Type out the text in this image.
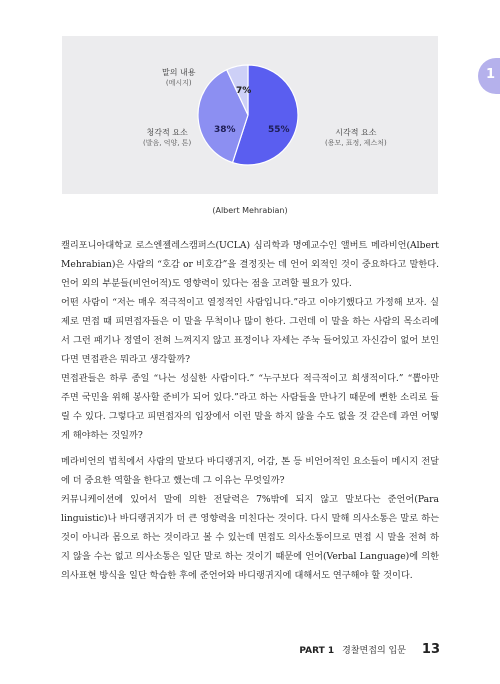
7%
38%	55%
말의 내용
(메시지)
청각적 요소
(발음, 억양, 톤)
시각적 요소
(용모, 표정, 제스처)
(Albert Mehrabian)
1

캘리포니아대학교 로스엔젤레스캠퍼스(UCLA) 심리학과 명예교수인 앨버트 메라비언(Albert Mehrabian)은 사람의 “호감 or 비호감”을 결정짓는 데 언어 외적인 것이 중요하다고 말한다. 언어 외의 부분들(비언어적)도 영향력이 있다는 점을 고려할 필요가 있다.

어떤 사람이 “저는 매우 적극적이고 열정적인 사람입니다.”라고 이야기했다고 가정해 보자. 실제로 면접 때 피면접자들은 이 말을 무척이나 많이 한다. 그런데 이 말을 하는 사람의 목소리에서 그런 패기나 정열이 전혀 느껴지지 않고 표정이나 자세는 주눅 들어있고 자신감이 없어 보인다면 면접관은 뭐라고 생각할까?

면접관들은 하루 종일 “나는 성실한 사람이다.” “누구보다 적극적이고 희생적이다.” “뽑아만 주면 국민을 위해 봉사할 준비가 되어 있다.”라고 하는 사람들을 만나기 때문에 뻔한 소리로 들릴 수 있다. 그렇다고 피면접자의 입장에서 이런 말을 하지 않을 수도 없을 것 같은데 과연 어떻게 해야하는 것일까?

메라비언의 법칙에서 사람의 말보다 바디랭귀지, 어감, 톤 등 비언어적인 요소들이 메시지 전달에 더 중요한 역할을 한다고 했는데 그 이유는 무엇일까?

커뮤니케이션에 있어서 말에 의한 전달력은 7%밖에 되지 않고 말보다는 준언어(Para linguistic)나 바디랭귀지가 더 큰 영향력을 미친다는 것이다. 다시 말해 의사소통은 말로 하는 것이 아니라 몸으로 하는 것이라고 볼 수 있는데 면접도 의사소통이므로 면접 시 말을 전혀 하지 않을 수는 없고 의사소통은 일단 말로 하는 것이기 때문에 언어(Verbal Language)에 의한 의사표현 방식을 일단 학습한 후에 준언어와 바디랭귀지에 대해서도 연구해야 할 것이다.

PART 1 경찰면접의 입문 13
